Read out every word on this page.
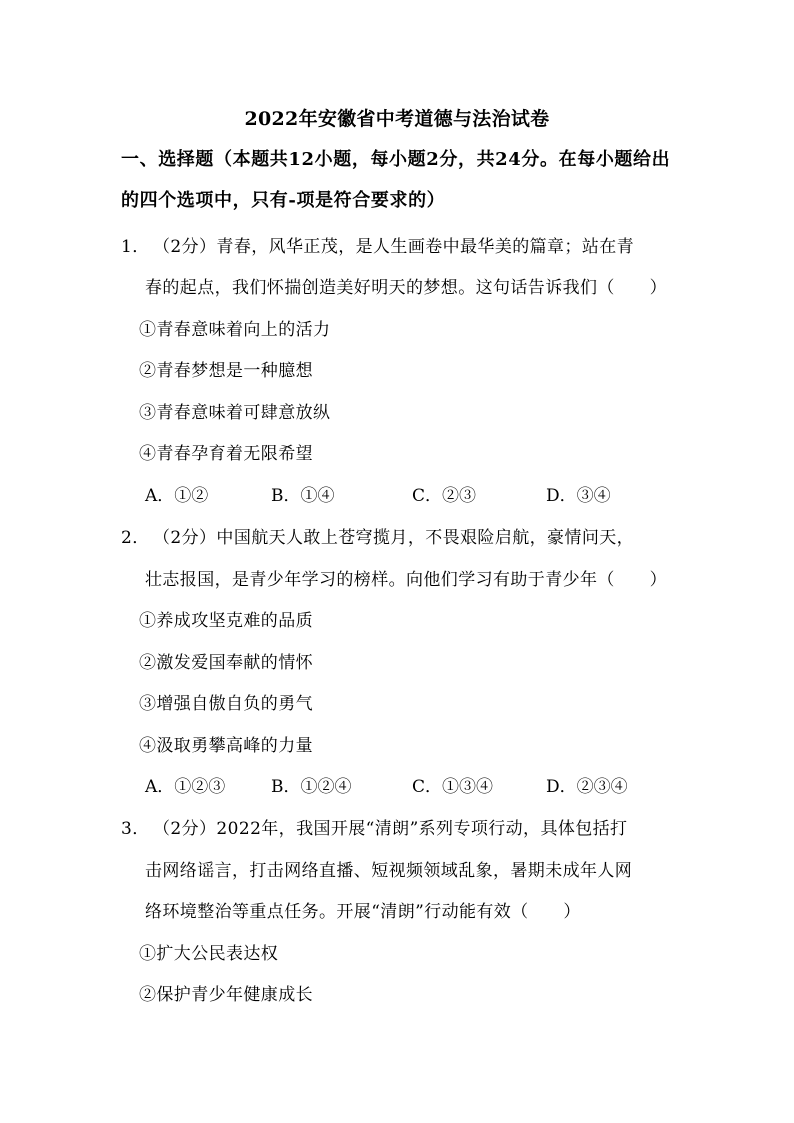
2022年安徽省中考道德与法治试卷
一、选择题（本题共12小题，每小题2分，共24分。在每小题给出的四个选项中，只有-项是符合要求的）
1． （2分）青春，风华正茂，是人生画卷中最华美的篇章；站在青
春的起点，我们怀揣创造美好明天的梦想。这句话告诉我们（　　）
①青春意味着向上的活力
②青春梦想是一种臆想
③青春意味着可肆意放纵
④青春孕育着无限希望
A．①②	B．①④	C．②③	D．③④
2． （2分）中国航天人敢上苍穹揽月，不畏艰险启航，豪情问天，
壮志报国，是青少年学习的榜样。向他们学习有助于青少年（　　）
①养成攻坚克难的品质
②激发爱国奉献的情怀
③增强自傲自负的勇气
④汲取勇攀高峰的力量
A．①②③	B．①②④	C．①③④	D．②③④
3． （2分）2022年，我国开展“清朗”系列专项行动，具体包括打
击网络谣言，打击网络直播、短视频领域乱象，暑期未成年人网
络环境整治等重点任务。开展“清朗”行动能有效（　　）
①扩大公民表达权
②保护青少年健康成长
